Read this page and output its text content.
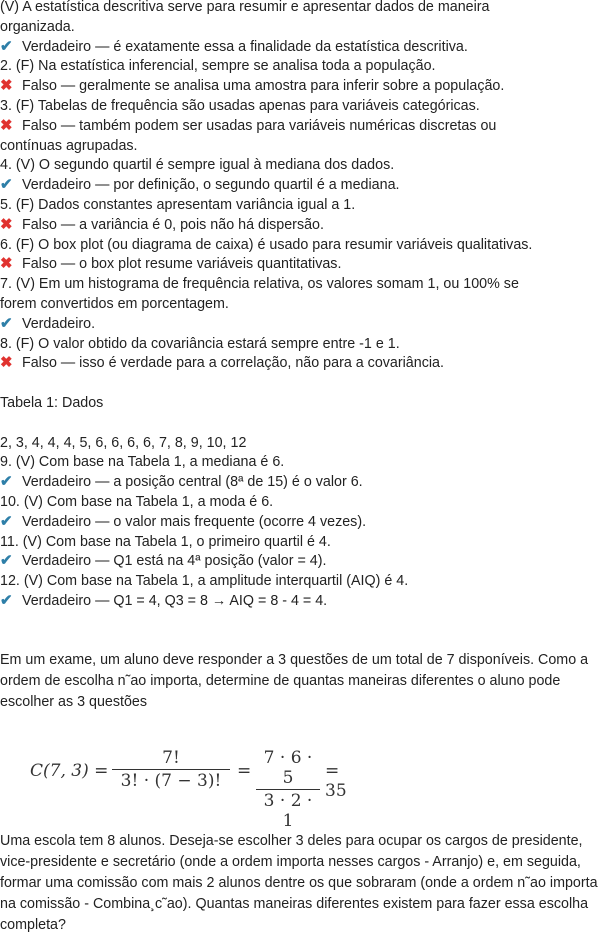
(V) A estatística descritiva serve para resumir e apresentar dados de maneira
organizada.
✔ Verdadeiro — é exatamente essa a finalidade da estatística descritiva.
2. (F) Na estatística inferencial, sempre se analisa toda a população.
✖ Falso — geralmente se analisa uma amostra para inferir sobre a população.
3. (F) Tabelas de frequência são usadas apenas para variáveis categóricas.
✖ Falso — também podem ser usadas para variáveis numéricas discretas ou
contínuas agrupadas.
4. (V) O segundo quartil é sempre igual à mediana dos dados.
✔ Verdadeiro — por definição, o segundo quartil é a mediana.
5. (F) Dados constantes apresentam variância igual a 1.
✖ Falso — a variância é 0, pois não há dispersão.
6. (F) O box plot (ou diagrama de caixa) é usado para resumir variáveis qualitativas.
✖ Falso — o box plot resume variáveis quantitativas.
7. (V) Em um histograma de frequência relativa, os valores somam 1, ou 100% se
forem convertidos em porcentagem.
✔ Verdadeiro.
8. (F) O valor obtido da covariância estará sempre entre -1 e 1.
✖ Falso — isso é verdade para a correlação, não para a covariância.
Tabela 1: Dados
2, 3, 4, 4, 4, 5, 6, 6, 6, 6, 7, 8, 9, 10, 12
9. (V) Com base na Tabela 1, a mediana é 6.
✔ Verdadeiro — a posição central (8ª de 15) é o valor 6.
10. (V) Com base na Tabela 1, a moda é 6.
✔ Verdadeiro — o valor mais frequente (ocorre 4 vezes).
11. (V) Com base na Tabela 1, o primeiro quartil é 4.
✔ Verdadeiro — Q1 está na 4ª posição (valor = 4).
12. (V) Com base na Tabela 1, a amplitude interquartil (AIQ) é 4.
✔ Verdadeiro — Q1 = 4, Q3 = 8 → AIQ = 8 - 4 = 4.
Em um exame, um aluno deve responder a 3 questões de um total de 7 disponíveis. Como a ordem de escolha n˜ao importa, determine de quantas maneiras diferentes o aluno pode escolher as 3 questões
C(7, 3) =
7!
3! · (7 − 3)! =
7 · 6 · 5
3 · 2 · 1
= 35
Uma escola tem 8 alunos. Deseja-se escolher 3 deles para ocupar os cargos de presidente, vice-presidente e secretário (onde a ordem importa nesses cargos - Arranjo) e, em seguida, formar uma comissão com mais 2 alunos dentre os que sobraram (onde a ordem n˜ao importa na comissão - Combina¸c˜ao). Quantas maneiras diferentes existem para fazer essa escolha completa?
